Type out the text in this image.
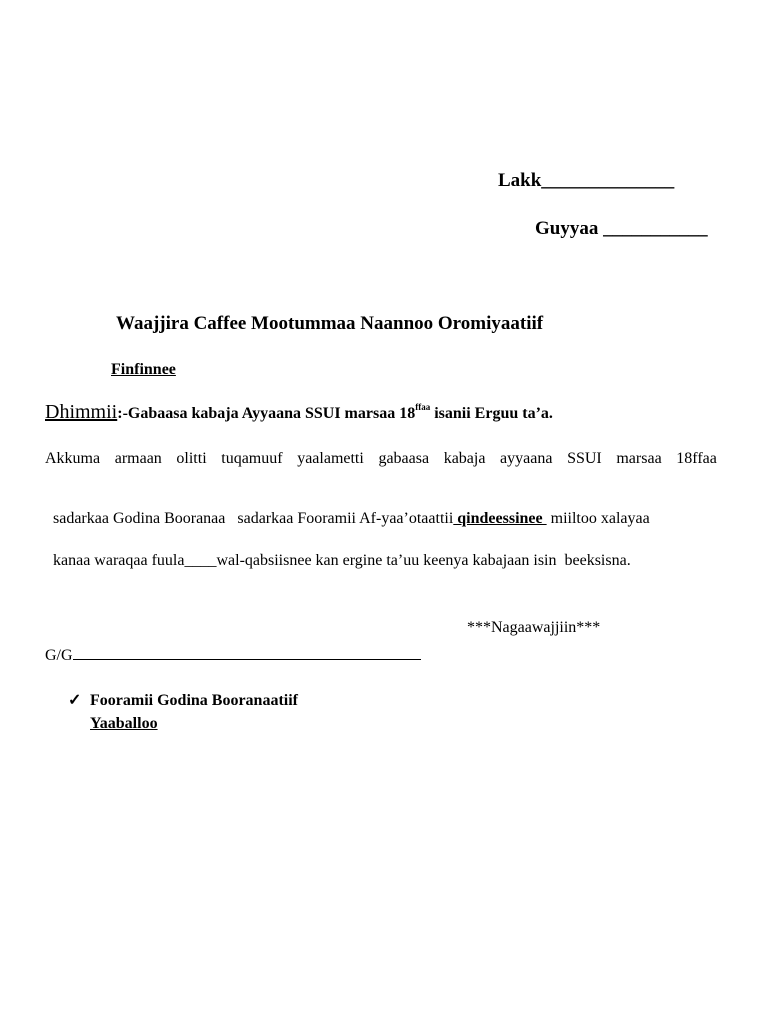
Lakk______________
Guyyaa ___________
Waajjira Caffee Mootummaa Naannoo Oromiyaatiif
Finfinnee
Dhimmii:-Gabaasa kabaja Ayyaana SSUI marsaa $18^{ffaa}$ isanii Erguu ta’a.
Akkuma armaan olitti tuqamuuf yaalametti gabaasa kabaja ayyaana SSUI marsaa 18ffaa

sadarkaa Godina Booranaa   sadarkaa Fooramii Af-yaa’otaattii qindeessinee  miiltoo xalayaa

kanaa waraqaa fuula____wal-qabsiisnee kan ergine ta’uu keenya kabajaan isin  beeksisna.

***Nagaawajjiin***
G/G
✓ Fooramii Godina Booranaatiif
Yaaballoo
